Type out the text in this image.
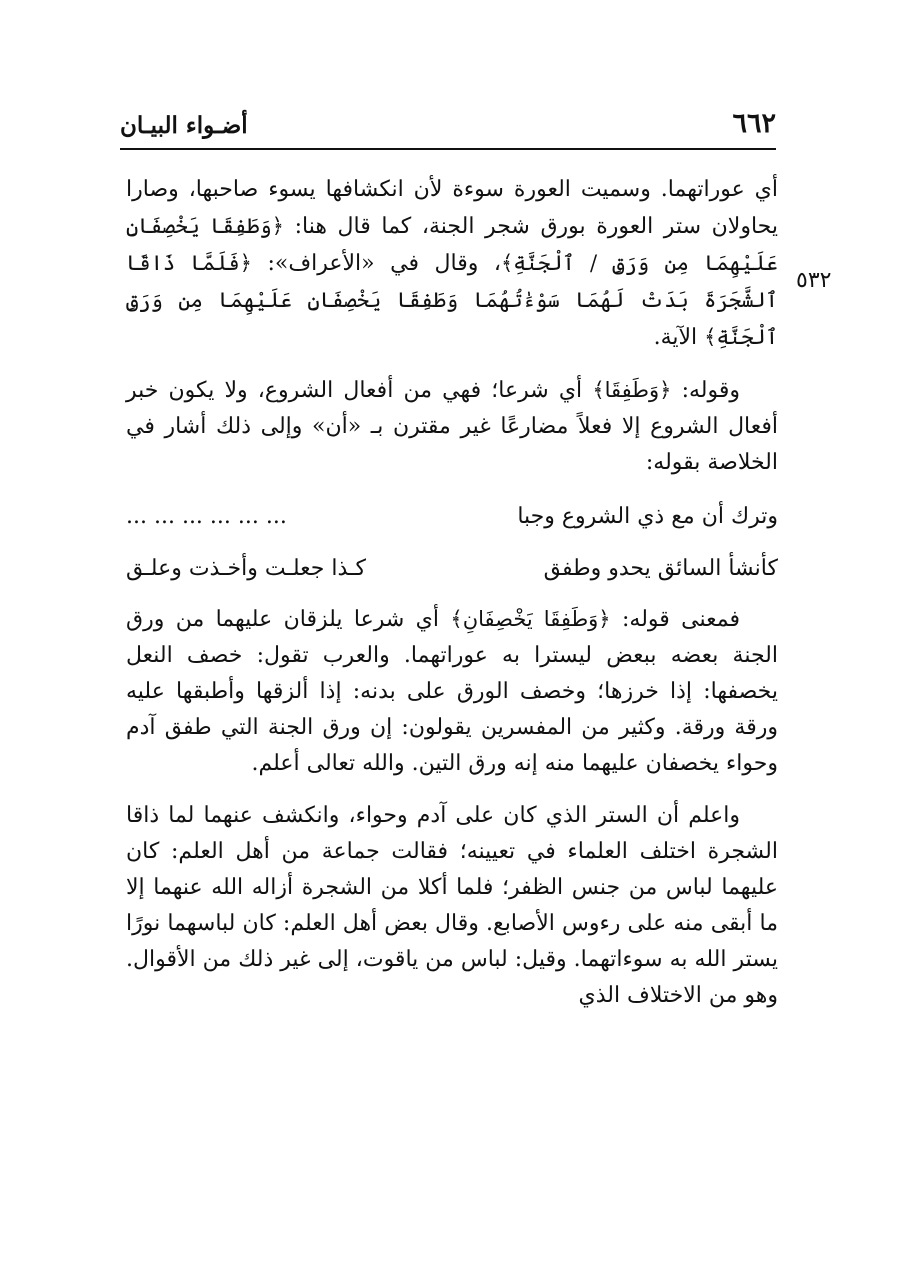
٦٦٢
أضـواء البيـان
٥٣٢

أي عوراتهما. وسميت العورة سوءة لأن انكشافها يسوء صاحبها، وصارا يحاولان ستر العورة بورق شجر الجنة، كما قال هنا: ﴿وَطَفِقَا يَخْصِفَانِ عَلَيْهِمَا مِن وَرَقِ / ٱلْجَنَّةِ﴾، وقال في «الأعراف»: ﴿فَلَمَّا ذَاقَا ٱلشَّجَرَةَ بَدَتْ لَهُمَا سَوْءَٰتُهُمَا وَطَفِقَا يَخْصِفَانِ عَلَيْهِمَا مِن وَرَقِ ٱلْجَنَّةِ﴾ الآية.

وقوله: ﴿وَطَفِقَا﴾ أي شرعا؛ فهي من أفعال الشروع، ولا يكون خبر أفعال الشروع إلا فعلاً مضارعًا غير مقترن بـ «أن» وإلى ذلك أشار في الخلاصة بقوله:

وترك أن مع ذي الشروع وجبا
... ... ... ... ... ...
كأنشأ السائق يحدو وطفق
كـذا جعلـت وأخـذت وعلـق

فمعنى قوله: ﴿وَطَفِقَا يَخْصِفَانِ﴾ أي شرعا يلزقان عليهما من ورق الجنة بعضه ببعض ليسترا به عوراتهما. والعرب تقول: خصف النعل يخصفها: إذا خرزها؛ وخصف الورق على بدنه: إذا ألزقها وأطبقها عليه ورقة ورقة. وكثير من المفسرين يقولون: إن ورق الجنة التي طفق آدم وحواء يخصفان عليهما منه إنه ورق التين. والله تعالى أعلم.

واعلم أن الستر الذي كان على آدم وحواء، وانكشف عنهما لما ذاقا الشجرة اختلف العلماء في تعيينه؛ فقالت جماعة من أهل العلم: كان عليهما لباس من جنس الظفر؛ فلما أكلا من الشجرة أزاله الله عنهما إلا ما أبقى منه على رءوس الأصابع. وقال بعض أهل العلم: كان لباسهما نورًا يستر الله به سوءاتهما. وقيل: لباس من ياقوت، إلى غير ذلك من الأقوال. وهو من الاختلاف الذي
